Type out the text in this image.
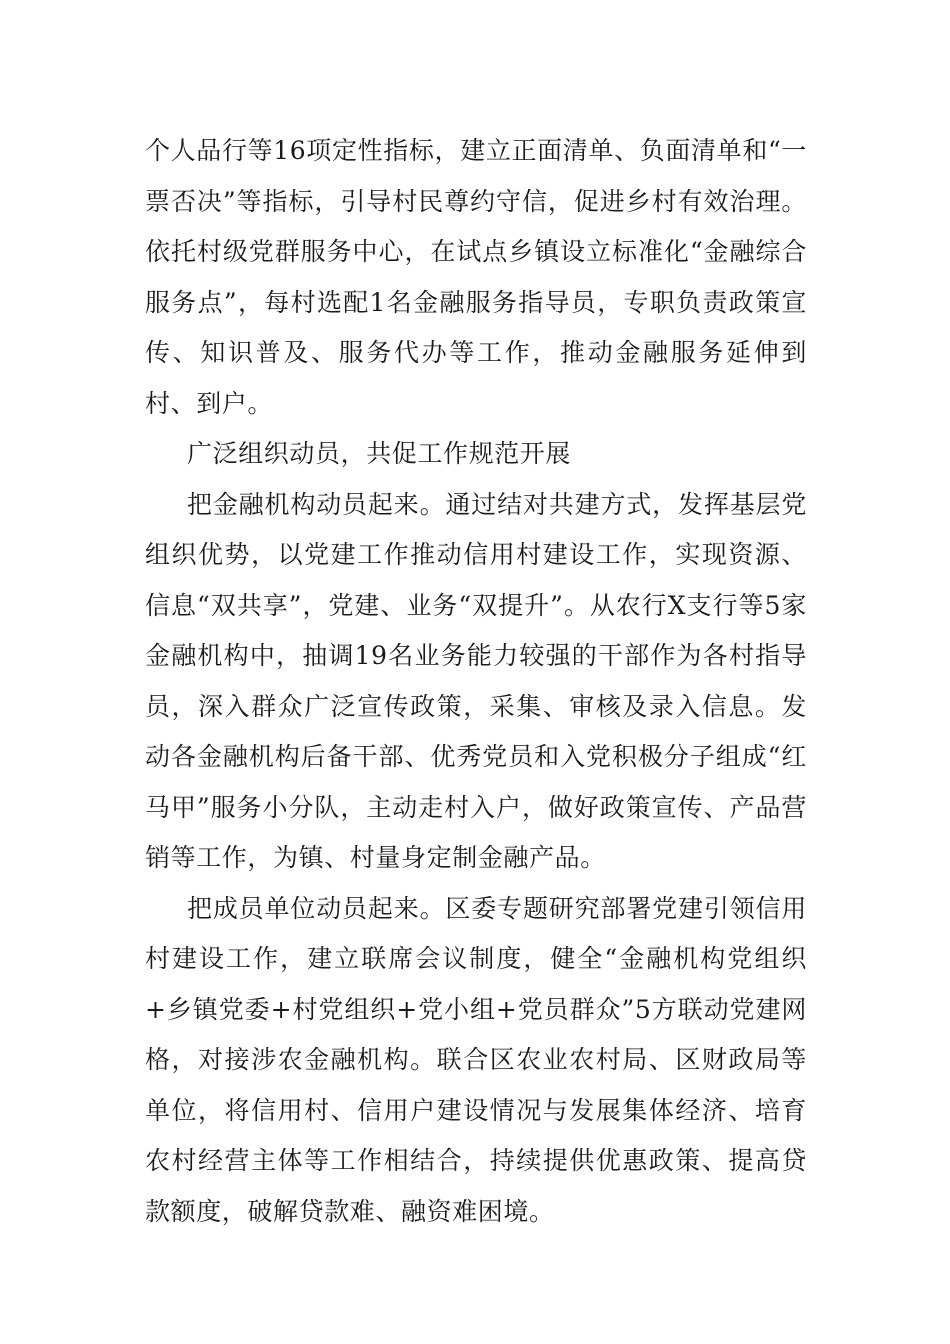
个人品行等16项定性指标，建立正面清单、负面清单和“一票否决”等指标，引导村民尊约守信，促进乡村有效治理。依托村级党群服务中心，在试点乡镇设立标准化“金融综合服务点”，每村选配1名金融服务指导员，专职负责政策宣传、知识普及、服务代办等工作，推动金融服务延伸到村、到户。

广泛组织动员，共促工作规范开展

把金融机构动员起来。通过结对共建方式，发挥基层党组织优势，以党建工作推动信用村建设工作，实现资源、信息“双共享”，党建、业务“双提升”。从农行X支行等5家金融机构中，抽调19名业务能力较强的干部作为各村指导员，深入群众广泛宣传政策，采集、审核及录入信息。发动各金融机构后备干部、优秀党员和入党积极分子组成“红马甲”服务小分队，主动走村入户，做好政策宣传、产品营销等工作，为镇、村量身定制金融产品。

把成员单位动员起来。区委专题研究部署党建引领信用村建设工作，建立联席会议制度，健全“金融机构党组织+乡镇党委+村党组织+党小组+党员群众”5方联动党建网格，对接涉农金融机构。联合区农业农村局、区财政局等单位，将信用村、信用户建设情况与发展集体经济、培育农村经营主体等工作相结合，持续提供优惠政策、提高贷款额度，破解贷款难、融资难困境。
